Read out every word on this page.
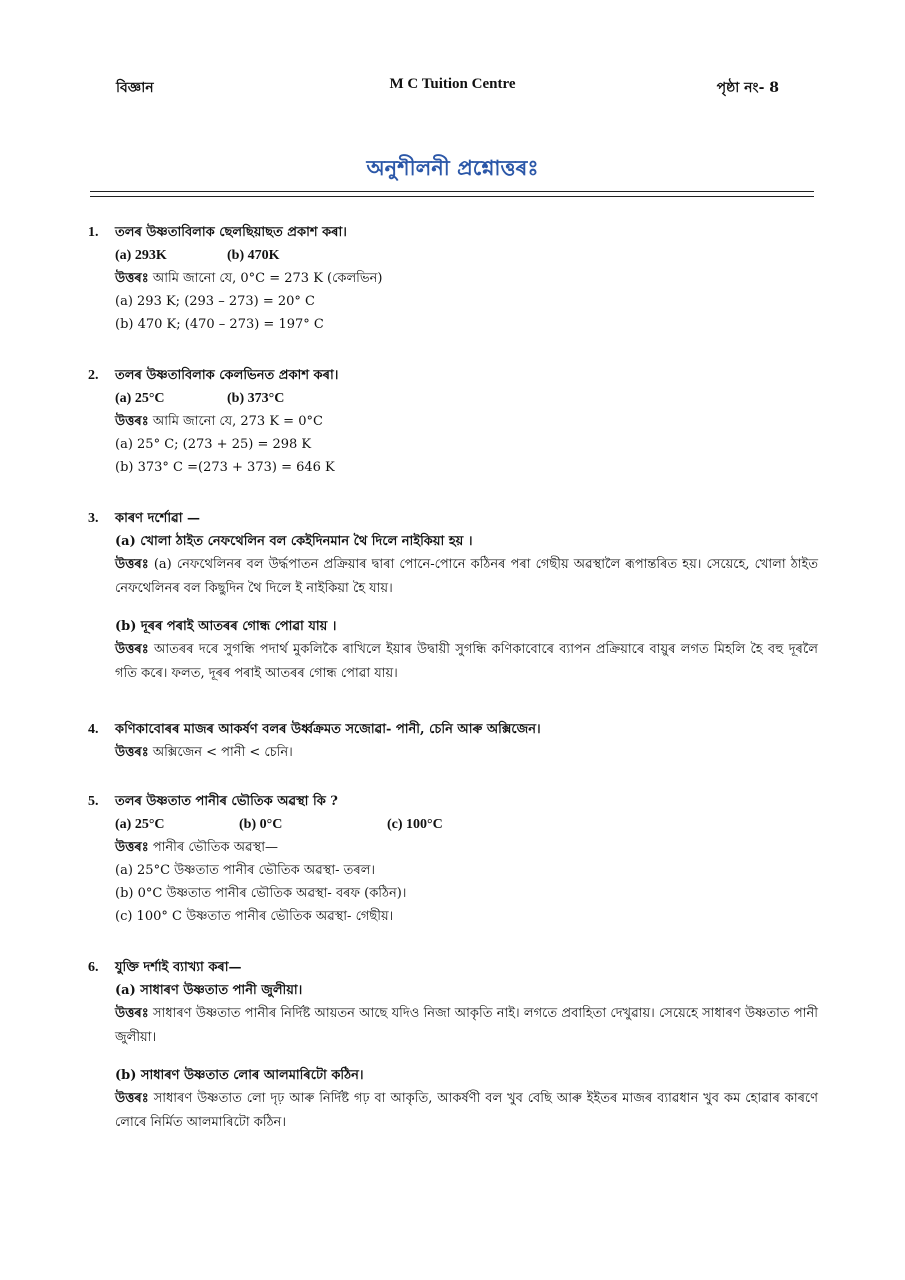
বিজ্ঞান	M C Tuition Centre	পৃষ্ঠা নং- 8
অনুশীলনী প্ৰশ্নোত্তৰঃ
1.	তলৰ উষ্ণতাবিলাক ছেলছিয়াছত প্ৰকাশ কৰা।
(a) 293K	(b) 470K
উত্তৰঃ আমি জানো যে, 0°C = 273 K (কেলভিন)
(a) 293 K; (293 – 273) = 20° C
(b) 470 K; (470 – 273) = 197° C
2.	তলৰ উষ্ণতাবিলাক কেলভিনত প্ৰকাশ কৰা।
(a) 25°C	(b) 373°C
উত্তৰঃ আমি জানো যে, 273 K = 0°C
(a) 25° C; (273 + 25) = 298 K
(b) 373° C =(273 + 373) = 646 K
3.	কাৰণ দৰ্শোৱা —
(a) খোলা ঠাইত নেফথেলিন বল কেইদিনমান থৈ দিলে নাইকিয়া হয় ।
উত্তৰঃ (a) নেফথেলিনৰ বল উৰ্দ্ধপাতন প্ৰক্ৰিয়াৰ দ্বাৰা পোনে-পোনে কঠিনৰ পৰা গেছীয় অৱস্থালৈ ৰূপান্তৰিত হয়। সেয়েহে, খোলা ঠাইত নেফথেলিনৰ বল কিছুদিন থৈ দিলে ই নাইকিয়া হৈ যায়।
(b) দূৰৰ পৰাই আতৰৰ গোন্ধ পোৱা যায় ।
উত্তৰঃ আতৰৰ দৰে সুগন্ধি পদাৰ্থ মুকলিকৈ ৰাখিলে ইয়াৰ উদ্বায়ী সুগন্ধি কণিকাবোৰে ব্যাপন প্ৰক্ৰিয়াৰে বায়ুৰ লগত মিহলি হৈ বহু দূৰলৈ গতি কৰে। ফলত, দূৰৰ পৰাই আতৰৰ গোন্ধ পোৱা যায়।
4.	কণিকাবোৰৰ মাজৰ আকৰ্ষণ বলৰ উৰ্ধ্বক্ৰমত সজোৱা- পানী, চেনি আৰু অক্সিজেন।
উত্তৰঃ অক্সিজেন < পানী < চেনি।
5.	তলৰ উষ্ণতাত পানীৰ ভৌতিক অৱস্থা কি ?
(a) 25°C	(b) 0°C	(c) 100°C
উত্তৰঃ পানীৰ ভৌতিক অৱস্থা—
(a) 25°C উষ্ণতাত পানীৰ ভৌতিক অৱস্থা- তৰল।
(b) 0°C উষ্ণতাত পানীৰ ভৌতিক অৱস্থা- বৰফ (কঠিন)।
(c) 100° C উষ্ণতাত পানীৰ ভৌতিক অৱস্থা- গেছীয়।
6.	যুক্তি দৰ্শাই ব্যাখ্যা কৰা—
(a) সাধাৰণ উষ্ণতাত পানী জুলীয়া।
উত্তৰঃ সাধাৰণ উষ্ণতাত পানীৰ নিৰ্দিষ্ট আয়তন আছে যদিও নিজা আকৃতি নাই। লগতে প্ৰবাহিতা দেখুৱায়। সেয়েহে সাধাৰণ উষ্ণতাত পানী জুলীয়া।
(b) সাধাৰণ উষ্ণতাত লোৰ আলমাৰিটো কঠিন।
উত্তৰঃ সাধাৰণ উষ্ণতাত লো দৃঢ় আৰু নিৰ্দিষ্ট গঢ় বা আকৃতি, আকৰ্ষণী বল খুব বেছি আৰু ইইতৰ মাজৰ ব্যাৱধান খুব কম হোৱাৰ কাৰণে লোৰে নিৰ্মিত আলমাৰিটো কঠিন।
